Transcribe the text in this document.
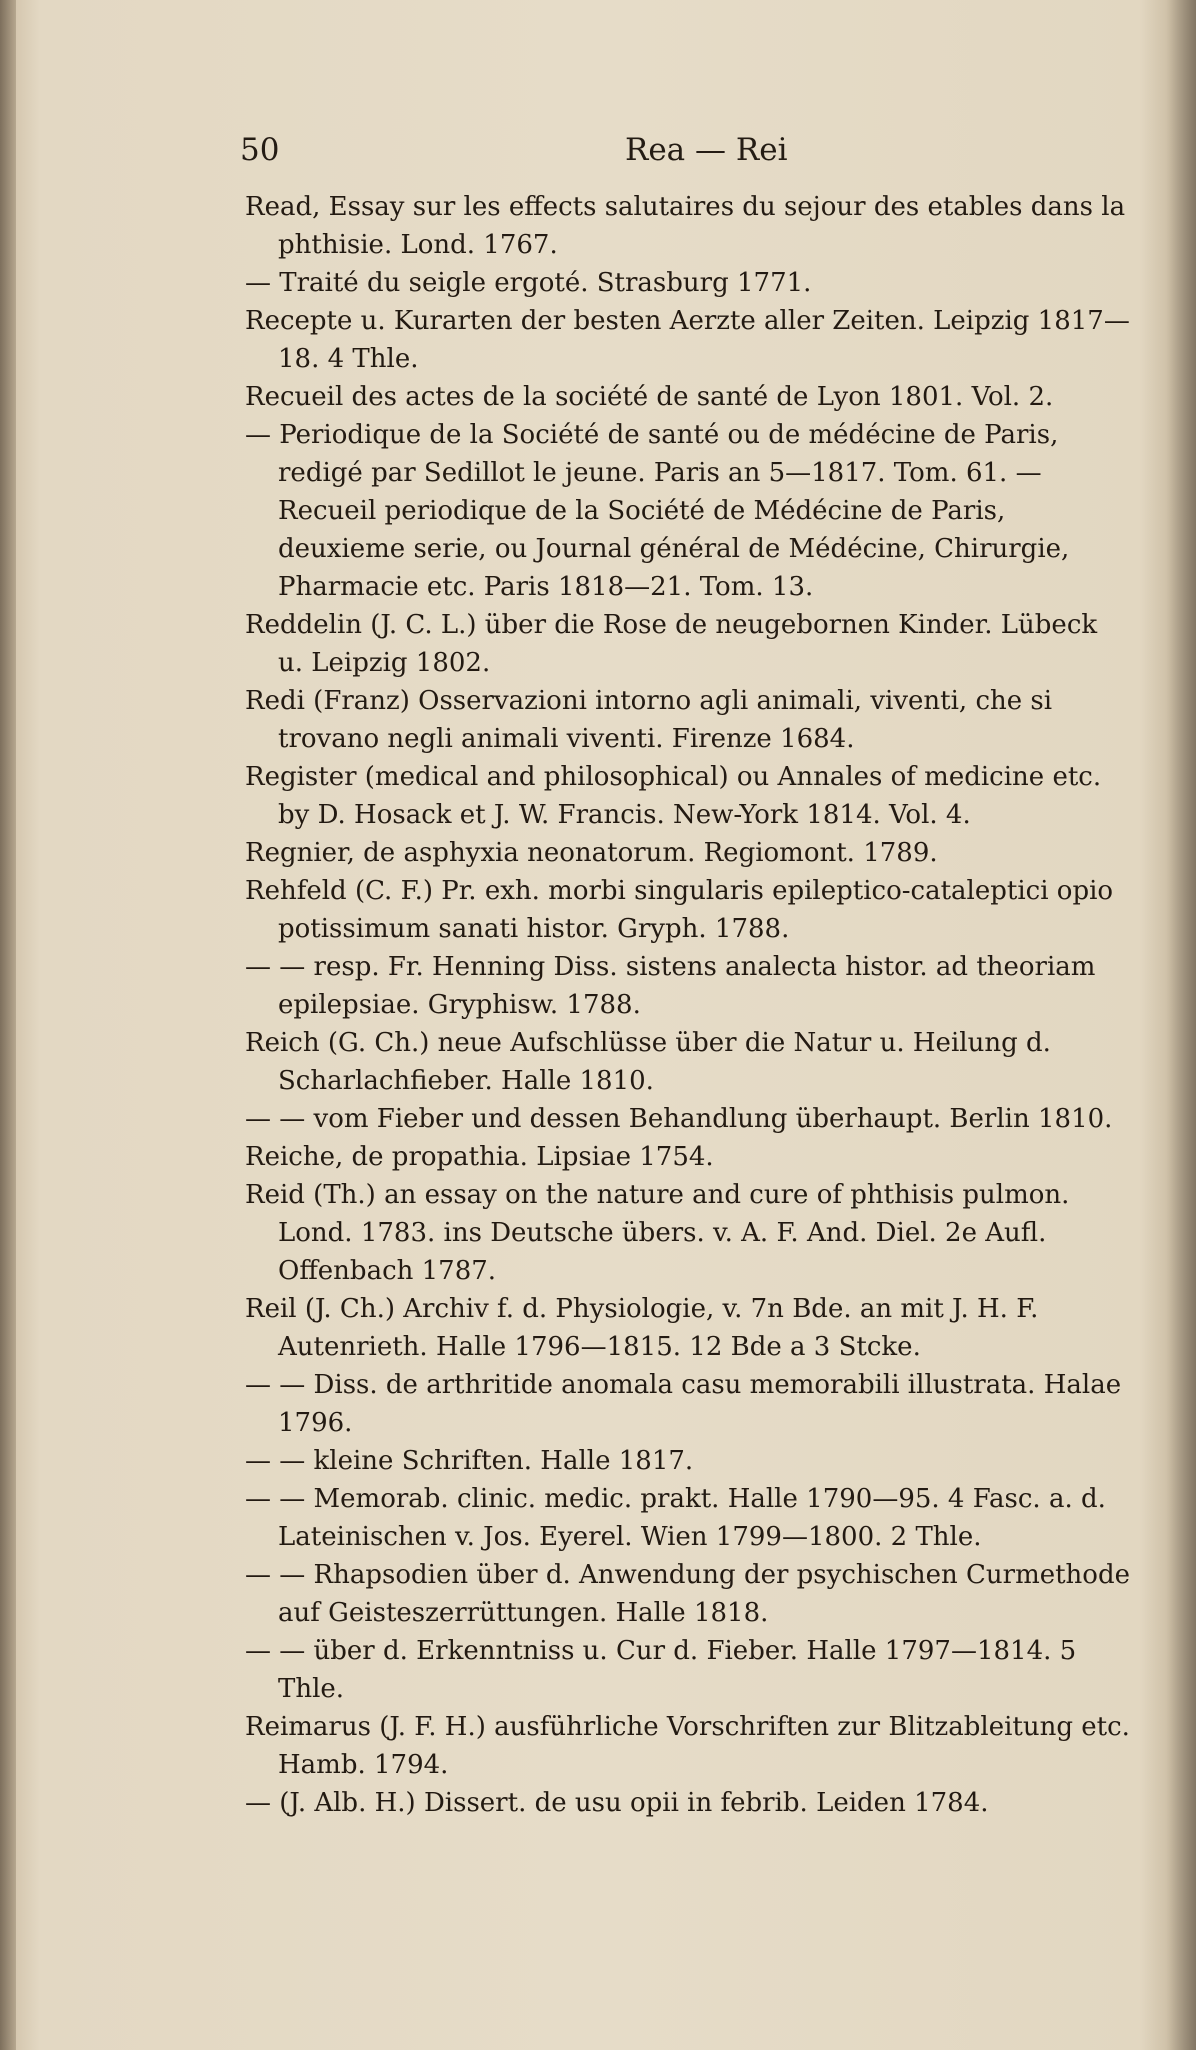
50	Rea — Rei

Read, Essay sur les effects salutaires du sejour des etables dans la phthisie. Lond. 1767.

— Traité du seigle ergoté. Strasburg 1771.

Recepte u. Kurarten der besten Aerzte aller Zeiten. Leipzig 1817— 18. 4 Thle.

Recueil des actes de la société de santé de Lyon 1801. Vol. 2.

— Periodique de la Société de santé ou de médécine de Paris, redigé par Sedillot le jeune. Paris an 5—1817. Tom. 61. — Recueil periodique de la Société de Médécine de Paris, deuxieme serie, ou Journal général de Médécine, Chirurgie, Pharmacie etc. Paris 1818—21. Tom. 13.

Reddelin (J. C. L.) über die Rose de neugebornen Kinder. Lübeck u. Leipzig 1802.

Redi (Franz) Osservazioni intorno agli animali, viventi, che si trovano negli animali viventi. Firenze 1684.

Register (medical and philosophical) ou Annales of medicine etc. by D. Hosack et J. W. Francis. New-York 1814. Vol. 4.

Regnier, de asphyxia neonatorum. Regiomont. 1789.

Rehfeld (C. F.) Pr. exh. morbi singularis epileptico-cataleptici opio potissimum sanati histor. Gryph. 1788.

— — resp. Fr. Henning Diss. sistens analecta histor. ad theoriam epilepsiae. Gryphisw. 1788.

Reich (G. Ch.) neue Aufschlüsse über die Natur u. Heilung d. Scharlachfieber. Halle 1810.

— — vom Fieber und dessen Behandlung überhaupt. Berlin 1810.

Reiche, de propathia. Lipsiae 1754.

Reid (Th.) an essay on the nature and cure of phthisis pulmon. Lond. 1783. ins Deutsche übers. v. A. F. And. Diel. 2e Aufl. Offenbach 1787.

Reil (J. Ch.) Archiv f. d. Physiologie, v. 7n Bde. an mit J. H. F. Autenrieth. Halle 1796—1815. 12 Bde a 3 Stcke.

— — Diss. de arthritide anomala casu memorabili illustrata. Halae 1796.

— — kleine Schriften. Halle 1817.

— — Memorab. clinic. medic. prakt. Halle 1790—95. 4 Fasc. a. d. Lateinischen v. Jos. Eyerel. Wien 1799—1800. 2 Thle.

— — Rhapsodien über d. Anwendung der psychischen Curmethode auf Geisteszerrüttungen. Halle 1818.

— — über d. Erkenntniss u. Cur d. Fieber. Halle 1797—1814. 5 Thle.

Reimarus (J. F. H.) ausführliche Vorschriften zur Blitzableitung etc. Hamb. 1794.

— (J. Alb. H.) Dissert. de usu opii in febrib. Leiden 1784.
